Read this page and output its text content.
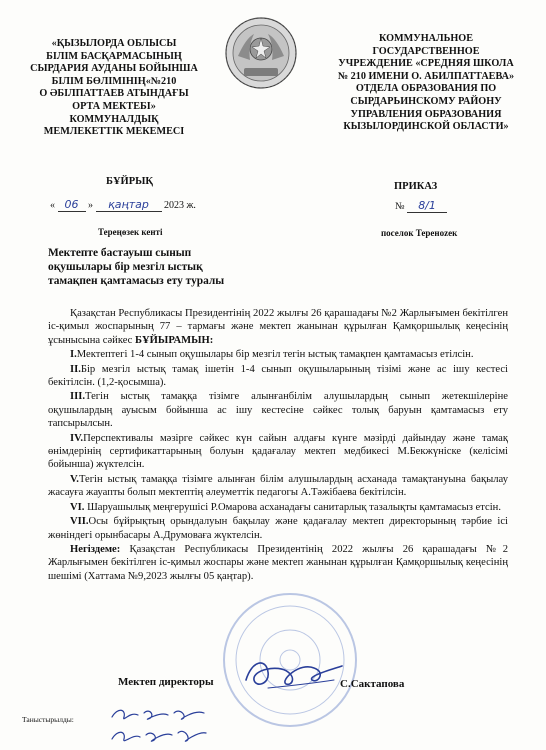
«ҚЫЗЫЛОРДА ОБЛЫСЫ
БІЛІМ БАСҚАРМАСЫНЫҢ
СЫРДАРИЯ АУДАНЫ БОЙЫНША
БІЛІМ БӨЛІМІНІҢ«№210
О ӘБІЛПАТТАЕВ АТЫНДАҒЫ
ОРТА МЕКТЕБІ»
КОММУНАЛДЫҚ
МЕМЛЕКЕТТІК МЕКЕМЕСІ
КОММУНАЛЬНОЕ
ГОСУДАРСТВЕННОЕ
УЧРЕЖДЕНИЕ «СРЕДНЯЯ ШКОЛА
№ 210 ИМЕНИ О. АБИЛПАТТАЕВА»
ОТДЕЛА ОБРАЗОВАНИЯ ПО
СЫРДАРЬИНСКОМУ РАЙОНУ
УПРАВЛЕНИЯ ОБРАЗОВАНИЯ
КЫЗЫЛОРДИНСКОЙ ОБЛАСТИ»
БҰЙРЫҚ	ПРИКАЗ
« 06 » қаңтар 2023 ж.	№ 8/1
Тереңөзек кенті	поселок Тереноzек
Мектепте бастауыш сынып
оқушылары бір мезгіл ыстық
тамақпен қамтамасыз ету туралы

Қазақстан Республикасы Президентінің 2022 жылғы 26 қарашадағы №2 Жарлығымен бекітілген іс-қимыл жоспарының 77 – тармағы және мектеп жанынан құрылған Қамқоршылық кеңесінің ұсынысына сәйкес БҰЙЫРАМЫН:

I.Мектептегі 1-4 сынып оқушылары бір мезгіл тегін ыстық тамақпен қамтамасыз етілсін.

II.Бір мезгіл ыстық тамақ ішетін 1-4 сынып оқушыларының тізімі және ас ішу кестесі бекітілсін. (1,2-қосымша).

III.Тегін ыстық тамаққа тізімге алынғанбілім алушылардың сынып жетекшілеріне оқушылардың ауысым бойынша ас ішу кестесіне сәйкес толық баруын қамтамасыз ету тапсырылсын.

IV.Перспективалы мәзірге сәйкес күн сайын алдағы күнге мәзірді дайындау және тамақ өнімдерінің сертификаттарының болуын қадағалау мектеп медбикесі М.Бекжүніске (келісімі бойынша) жүктелсін.

V.Тегін ыстық тамаққа тізімге алынған білім алушылардың асханада тамақтануына бақылау жасауға жауапты болып мектептің әлеуметтік педагогы А.Тәжібаева бекітілсін.

VI. Шаруашылық меңгерушісі Р.Омарова асханадағы санитарлық тазалықты қамтамасыз етсін.

VII.Осы бұйрықтың орындалуын бақылау және қадағалау мектеп директорының тәрбие ісі жөніндегі орынбасары А.Друмоваға жүктелсін.

Негіздеме: Қазақстан Республикасы Президентінің 2022 жылғы 26 қарашадағы №2 Жарлығымен бекітілген іс-қимыл жоспары және мектеп жанынан құрылған Қамқоршылық кеңесінің шешімі (Хаттама №9,2023 жылғы 05 қаңтар).

Мектеп директоры	С.Сактапова
Таныстырылды:
